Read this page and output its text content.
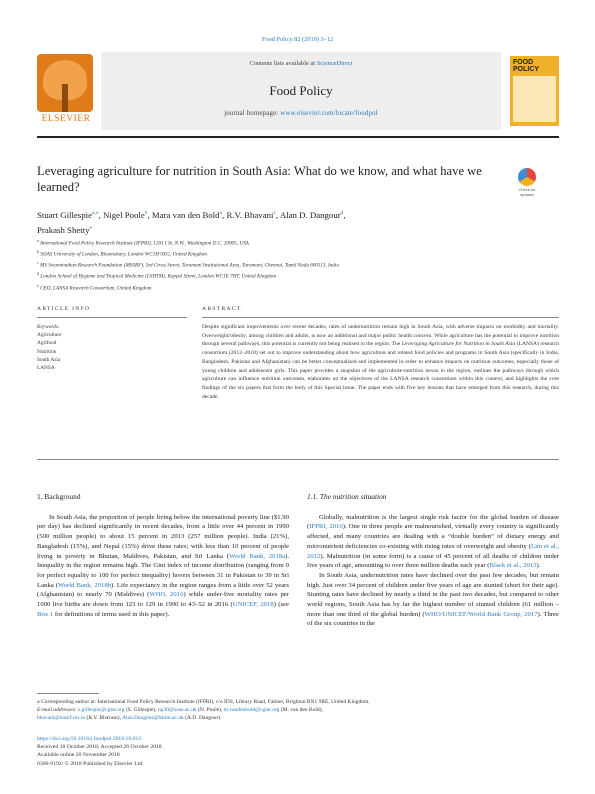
Food Policy 82 (2019) 3–12
ELSEVIER
Contents lists available at ScienceDirect
Food Policy
journal homepage: www.elsevier.com/locate/foodpol
FOOD POLICY
Leveraging agriculture for nutrition in South Asia: What do we know, and what have we learned?	Check for updates
Stuart Gillespie$^{a,⁎}$, Nigel Poole$^b$, Mara van den Bold$^a$, R.V. Bhavani$^c$, Alan D. Dangour$^d$,
Prakash Shetty$^e$
$^a$ International Food Policy Research Institute (IFPRI), 1201 I St. N.W., Washington D.C. 20005, USA
$^b$ SOAS University of London, Bloomsbury, London WC1H 0XG, United Kingdom
$^c$ MS Swaminathan Research Foundation (MSSRF), 3rd Cross Street, Taramani Institutional Area, Taramani, Chennai, Tamil Nadu 600113, India
$^d$ London School of Hygiene and Tropical Medicine (LSHTM), Keppel Street, London WC1E 7HT, United Kingdom
$^e$ CEO, LANSA Research Consortium, United Kingdom
ARTICLE INFO	ABSTRACT
Keywords:
Agriculture
Agrifood
Nutrition
South Asia
LANSA
Despite significant improvements over recent decades, rates of undernutrition remain high in South Asia, with adverse impacts on morbidity and mortality. Overweight/obesity, among children and adults, is now an additional and major public health concern. While agriculture has the potential to improve nutrition through several pathways, this potential is currently not being realised in the region. The Leveraging Agriculture for Nutrition in South Asia (LANSA) research consortium (2012–2018) set out to improve understanding about how agriculture and related food policies and programs in South Asia (specifically in India, Bangladesh, Pakistan and Afghanistan) can be better conceptualised and implemented in order to enhance impacts on nutrition outcomes, especially those of young children and adolescent girls. This paper provides a snapshot of the agriculture-nutrition nexus in the region, outlines the pathways through which agriculture can influence nutrition outcomes, elaborates on the objectives of the LANSA research consortium within this context, and highlights the core findings of the six papers that form the body of this Special Issue. The paper ends with five key lessons that have emerged from this research, during this decade.
1. Background

In South Asia, the proportion of people living below the international poverty line ($1.90 per day) has declined significantly in recent decades, from a little over 44 percent in 1990 (500 million people) to about 15 percent in 2013 (257 million people). India (21%), Bangladesh (15%), and Nepal (15%) drive these rates; with less than 10 percent of people living in poverty in Bhutan, Maldives, Pakistan, and Sri Lanka (World Bank, 2018a). Inequality in the region remains high. The Gini index of income distribution (ranging from 0 for perfect equality to 100 for perfect inequality) hovers between 31 in Pakistan to 39 in Sri Lanka (World Bank, 2018b). Life expectancy in the region ranges from a little over 52 years (Afghanistan) to nearly 70 (Maldives) (WHO, 2016) while under-five mortality rates per 1000 live births are down from 123 to 129 in 1990 to 43–52 in 2016 (UNICEF, 2018) (see Box 1 for definitions of terms used in this paper).

1.1. The nutrition situation

Globally, malnutrition is the largest single risk factor for the global burden of disease (IFPRI, 2016). One in three people are malnourished, virtually every country is significantly affected, and many countries are dealing with a “double burden” of dietary energy and micronutrient deficiencies co-existing with rising rates of overweight and obesity (Lim et al., 2012). Malnutrition (in some form) is a cause of 45 percent of all deaths of children under five years of age, amounting to over three million deaths each year (Black et al., 2013).

In South Asia, undernutrition rates have declined over the past few decades, but remain high. Just over 34 percent of children under five years of age are stunted (short for their age). Stunting rates have declined by nearly a third in the past two decades, but compared to other world regions, South Asia has by far the highest number of stunted children (61 million – more than one third of the global burden) (WHO/UNICEF/World Bank Group, 2017). Three of the six countries in the

⁎ Corresponding author at: International Food Policy Research Institute (IFPRI), c/o IDS, Library Road, Falmer, Brighton BN1 9RE, United Kingdom.
E-mail addresses: s.gillespie@cgiar.org (S. Gillespie), np30@soas.ac.uk (N. Poole), m.vandenbold@cgiar.org (M. van den Bold),
bhavani@mssrf.res.in (R.V. Bhavani), Alan.Dangour@lshtm.ac.uk (A.D. Dangour).
https://doi.org/10.1016/j.foodpol.2018.10.012
Received 18 October 2018; Accepted 26 October 2018
Available online 20 November 2018
0306-9192/ © 2018 Published by Elsevier Ltd.
